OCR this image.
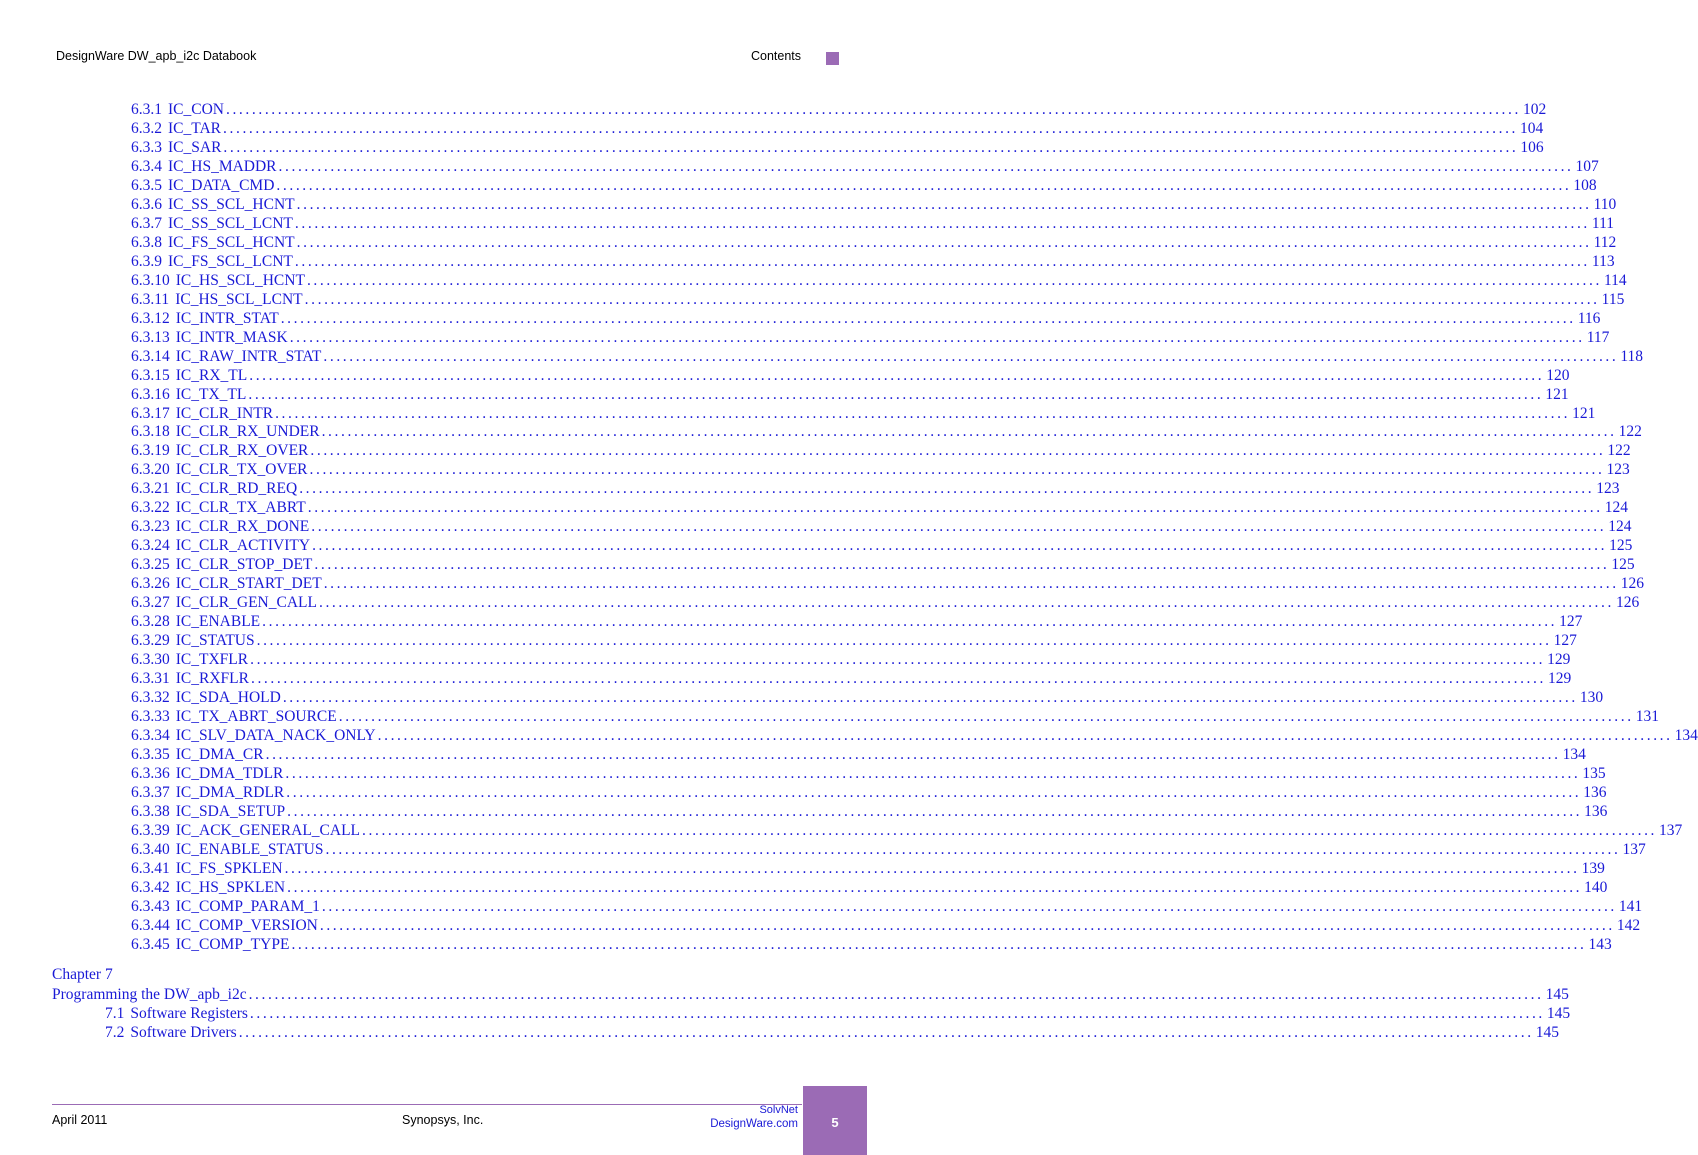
DesignWare DW_apb_i2c Databook	Contents
6.3.1 IC_CON ........................................................................................................................................................................................................ 102
6.3.2 IC_TAR ........................................................................................................................................................................................................ 104
6.3.3 IC_SAR ........................................................................................................................................................................................................ 106
6.3.4 IC_HS_MADDR ........................................................................................................................................................................................................ 107
6.3.5 IC_DATA_CMD ........................................................................................................................................................................................................ 108
6.3.6 IC_SS_SCL_HCNT ........................................................................................................................................................................................................ 110
6.3.7 IC_SS_SCL_LCNT ........................................................................................................................................................................................................ 111
6.3.8 IC_FS_SCL_HCNT ........................................................................................................................................................................................................ 112
6.3.9 IC_FS_SCL_LCNT ........................................................................................................................................................................................................ 113
6.3.10 IC_HS_SCL_HCNT ........................................................................................................................................................................................................ 114
6.3.11 IC_HS_SCL_LCNT ........................................................................................................................................................................................................ 115
6.3.12 IC_INTR_STAT ........................................................................................................................................................................................................ 116
6.3.13 IC_INTR_MASK ........................................................................................................................................................................................................ 117
6.3.14 IC_RAW_INTR_STAT ........................................................................................................................................................................................................ 118
6.3.15 IC_RX_TL ........................................................................................................................................................................................................ 120
6.3.16 IC_TX_TL ........................................................................................................................................................................................................ 121
6.3.17 IC_CLR_INTR ........................................................................................................................................................................................................ 121
6.3.18 IC_CLR_RX_UNDER ........................................................................................................................................................................................................ 122
6.3.19 IC_CLR_RX_OVER ........................................................................................................................................................................................................ 122
6.3.20 IC_CLR_TX_OVER ........................................................................................................................................................................................................ 123
6.3.21 IC_CLR_RD_REQ ........................................................................................................................................................................................................ 123
6.3.22 IC_CLR_TX_ABRT ........................................................................................................................................................................................................ 124
6.3.23 IC_CLR_RX_DONE ........................................................................................................................................................................................................ 124
6.3.24 IC_CLR_ACTIVITY ........................................................................................................................................................................................................ 125
6.3.25 IC_CLR_STOP_DET ........................................................................................................................................................................................................ 125
6.3.26 IC_CLR_START_DET ........................................................................................................................................................................................................ 126
6.3.27 IC_CLR_GEN_CALL ........................................................................................................................................................................................................ 126
6.3.28 IC_ENABLE ........................................................................................................................................................................................................ 127
6.3.29 IC_STATUS ........................................................................................................................................................................................................ 127
6.3.30 IC_TXFLR ........................................................................................................................................................................................................ 129
6.3.31 IC_RXFLR ........................................................................................................................................................................................................ 129
6.3.32 IC_SDA_HOLD ........................................................................................................................................................................................................ 130
6.3.33 IC_TX_ABRT_SOURCE ........................................................................................................................................................................................................ 131
6.3.34 IC_SLV_DATA_NACK_ONLY ........................................................................................................................................................................................................ 134
6.3.35 IC_DMA_CR ........................................................................................................................................................................................................ 134
6.3.36 IC_DMA_TDLR ........................................................................................................................................................................................................ 135
6.3.37 IC_DMA_RDLR ........................................................................................................................................................................................................ 136
6.3.38 IC_SDA_SETUP ........................................................................................................................................................................................................ 136
6.3.39 IC_ACK_GENERAL_CALL ........................................................................................................................................................................................................ 137
6.3.40 IC_ENABLE_STATUS ........................................................................................................................................................................................................ 137
6.3.41 IC_FS_SPKLEN ........................................................................................................................................................................................................ 139
6.3.42 IC_HS_SPKLEN ........................................................................................................................................................................................................ 140
6.3.43 IC_COMP_PARAM_1 ........................................................................................................................................................................................................ 141
6.3.44 IC_COMP_VERSION ........................................................................................................................................................................................................ 142
6.3.45 IC_COMP_TYPE ........................................................................................................................................................................................................ 143
Chapter 7
Programming the DW_apb_i2c ........................................................................................................................................................................................................ 145
7.1 Software Registers ........................................................................................................................................................................................................ 145
7.2 Software Drivers ........................................................................................................................................................................................................ 145
April 2011	Synopsys, Inc.
SolvNet
DesignWare.com	5
